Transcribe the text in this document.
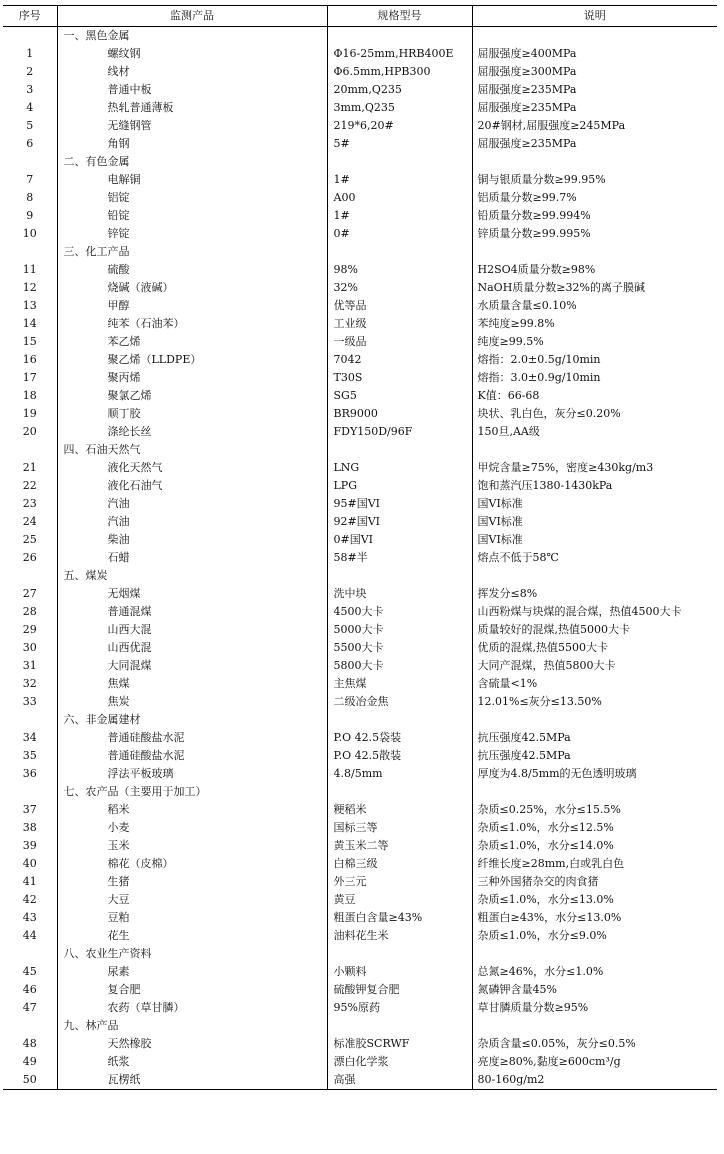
序号	监测产品	规格型号	说明
	一、黑色金属		
1	螺纹钢	Φ16-25mm,HRB400E	屈服强度≥400MPa
2	线材	Φ6.5mm,HPB300	屈服强度≥300MPa
3	普通中板	20mm,Q235	屈服强度≥235MPa
4	热轧普通薄板	3mm,Q235	屈服强度≥235MPa
5	无缝钢管	219*6,20#	20#钢材,屈服强度≥245MPa
6	角钢	5#	屈服强度≥235MPa
	二、有色金属		
7	电解铜	1#	铜与银质量分数≥99.95%
8	铝锭	A00	铝质量分数≥99.7%
9	铅锭	1#	铅质量分数≥99.994%
10	锌锭	0#	锌质量分数≥99.995%
	三、化工产品		
11	硫酸	98%	H2SO4质量分数≥98%
12	烧碱（液碱）	32%	NaOH质量分数≥32%的离子膜碱
13	甲醇	优等品	水质量含量≤0.10%
14	纯苯（石油苯）	工业级	苯纯度≥99.8%
15	苯乙烯	一级品	纯度≥99.5%
16	聚乙烯（LLDPE）	7042	熔指：2.0±0.5g/10min
17	聚丙烯	T30S	熔指：3.0±0.9g/10min
18	聚氯乙烯	SG5	K值：66-68
19	顺丁胶	BR9000	块状、乳白色，灰分≤0.20%
20	涤纶长丝	FDY150D/96F	150旦,AA级
	四、石油天然气		
21	液化天然气	LNG	甲烷含量≥75%，密度≥430kg/m3
22	液化石油气	LPG	饱和蒸汽压1380-1430kPa
23	汽油	95#国VI	国VI标准
24	汽油	92#国VI	国VI标准
25	柴油	0#国VI	国VI标准
26	石蜡	58#半	熔点不低于58℃
	五、煤炭		
27	无烟煤	洗中块	挥发分≤8%
28	普通混煤	4500大卡	山西粉煤与块煤的混合煤，热值4500大卡
29	山西大混	5000大卡	质量较好的混煤,热值5000大卡
30	山西优混	5500大卡	优质的混煤,热值5500大卡
31	大同混煤	5800大卡	大同产混煤，热值5800大卡
32	焦煤	主焦煤	含硫量<1%
33	焦炭	二级冶金焦	12.01%≤灰分≤13.50%
	六、非金属建材		
34	普通硅酸盐水泥	P.O 42.5袋装	抗压强度42.5MPa
35	普通硅酸盐水泥	P.O 42.5散装	抗压强度42.5MPa
36	浮法平板玻璃	4.8/5mm	厚度为4.8/5mm的无色透明玻璃
	七、农产品（主要用于加工）		
37	稻米	粳稻米	杂质≤0.25%，水分≤15.5%
38	小麦	国标三等	杂质≤1.0%，水分≤12.5%
39	玉米	黄玉米二等	杂质≤1.0%，水分≤14.0%
40	棉花（皮棉）	白棉三级	纤维长度≥28mm,白或乳白色
41	生猪	外三元	三种外国猪杂交的肉食猪
42	大豆	黄豆	杂质≤1.0%，水分≤13.0%
43	豆粕	粗蛋白含量≥43%	粗蛋白≥43%，水分≤13.0%
44	花生	油料花生米	杂质≤1.0%，水分≤9.0%
	八、农业生产资料		
45	尿素	小颗料	总氮≥46%，水分≤1.0%
46	复合肥	硫酸钾复合肥	氮磷钾含量45%
47	农药（草甘膦）	95%原药	草甘膦质量分数≥95%
	九、林产品		
48	天然橡胶	标准胶SCRWF	杂质含量≤0.05%，灰分≤0.5%
49	纸浆	漂白化学浆	亮度≥80%,黏度≥600cm³/g
50	瓦楞纸	高强	80-160g/m2
